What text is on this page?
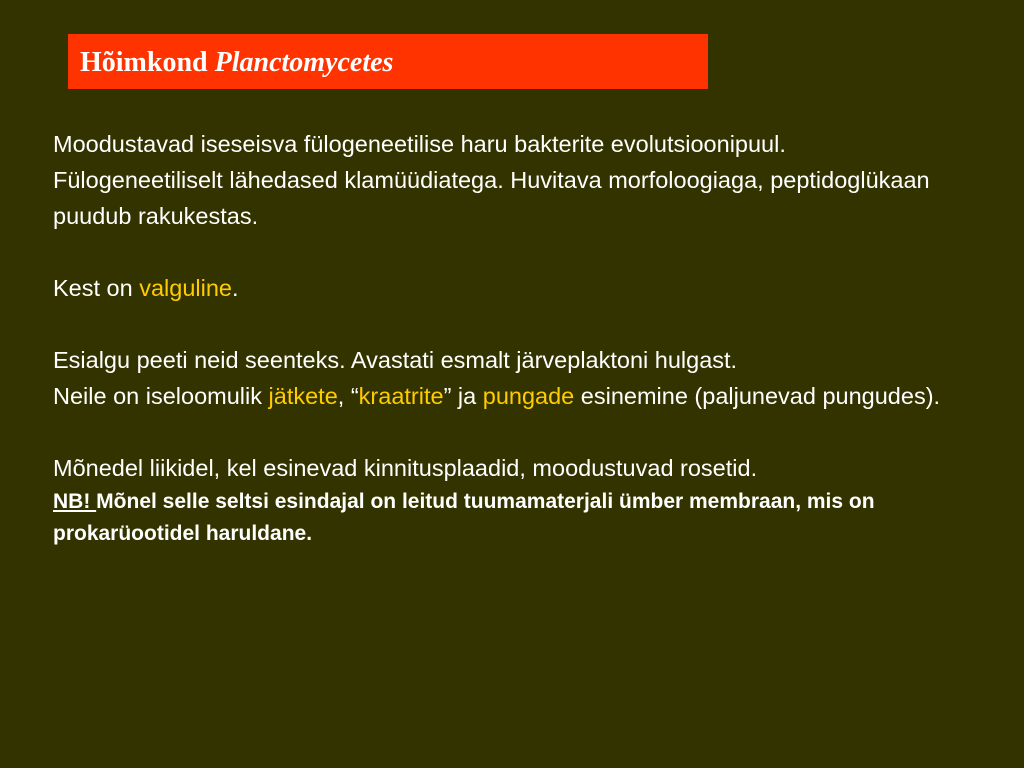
Hõimkond Planctomycetes

Moodustavad iseseisva fülogeneetilise haru bakterite evolutsioonipuul.

Fülogeneetiliselt lähedased klamüüdiatega. Huvitava morfoloogiaga, peptidoglükaan puudub rakukestas.

Kest on valguline.

Esialgu peeti neid seenteks. Avastati esmalt järveplaktoni hulgast.

Neile on iseloomulik jätkete, “kraatrite” ja pungade esinemine (paljunevad pungudes).

Mõnedel liikidel, kel esinevad kinnitusplaadid, moodustuvad rosetid.

NB! Mõnel selle seltsi esindajal on leitud tuumamaterjali ümber membraan, mis on prokarüootidel haruldane.
